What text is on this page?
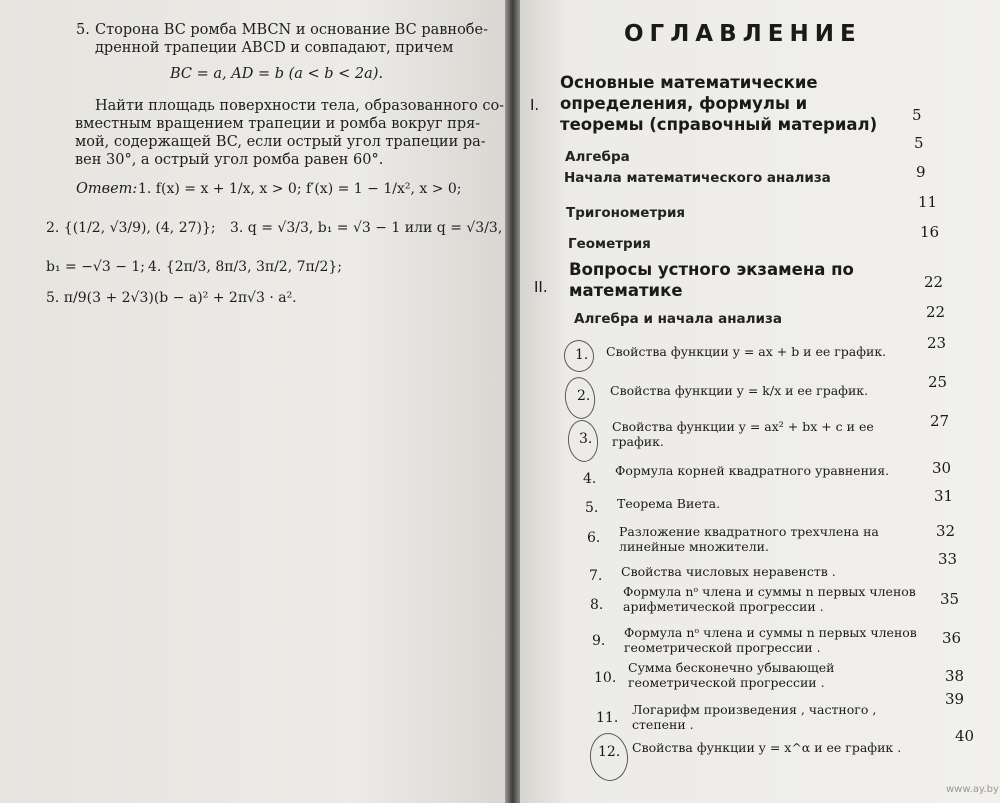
5. Сторона BC ромба MBCN и основание BC равнобе-
дренной трапеции ABCD и совпадают, причем
BC = a, AD = b (a < b < 2a).
Найти площадь поверхности тела, образованного со-
вместным вращением трапеции и ромба вокруг пря-
мой, содержащей BC, если острый угол трапеции ра-
вен 30°, а острый угол ромба равен 60°.
Ответ: 1. f(x) = x + 1/x, x > 0; f′(x) = 1 − 1/x², x > 0;
2. {(1/2, √3/9), (4, 27)}; 3. q = √3/3, b₁ = √3 − 1 или q = √3/3,
b₁ = −√3 − 1; 4. {2π/3, 8π/3, 3π/2, 7π/2};
5. π/9(3 + 2√3)(b − a)² + 2π√3 · a².
ОГЛАВЛЕНИЕ
I.
Основные математические определения, формулы и теоремы (справочный материал)	5
Алгебра
5
Начала математического анализа	9
Тригонометрия
11
Геометрия
16
II.
Вопросы устного экзамена по математике	22
Алгебра и начала анализа	22
1. Свойства функции y = ax + b и ее график.	23
2. Свойства функции y = k/x и ее график.	25
3.
Свойства функции y = ax² + bx + c и ее график.
27
4.
Формула корней квадратного уравнения.	30
5. Теорема Виета.	31
6. Разложение квадратного трехчлена на линейные множители.
32
7. Свойства числовых неравенств .
33
8.
Формула nᵒ члена и суммы n первых членов арифметической прогрессии .	35
9.
Формула nᵒ члена и суммы n первых членов геометрической прогрессии .
36
10.
Сумма бесконечно убывающей геометрической прогрессии .	38
11.
Логарифм произведения , частного , степени .
39
12. Свойства функции y = x^α и ее график .
40
www.ay.by
